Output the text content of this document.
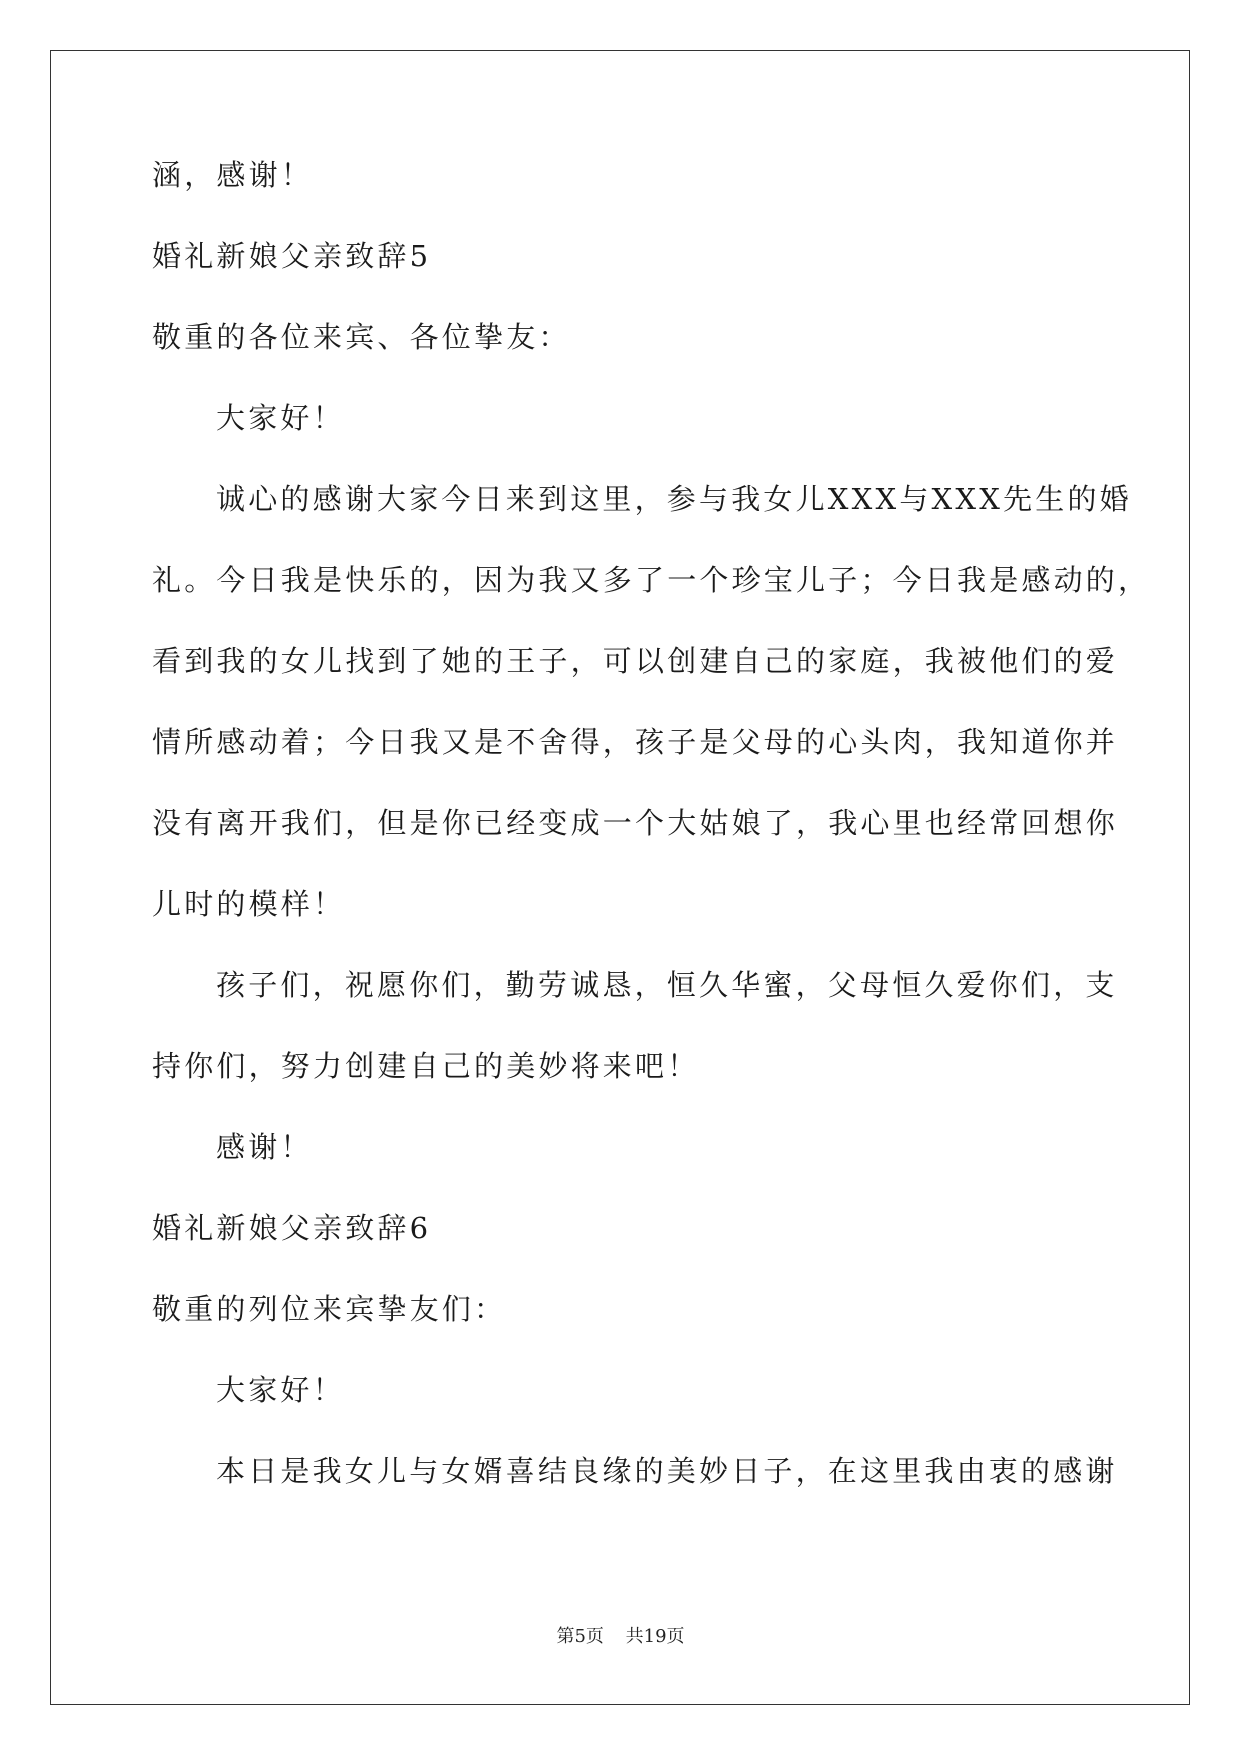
涵，感谢！
婚礼新娘父亲致辞5
敬重的各位来宾、各位挚友：
大家好！
诚心的感谢大家今日来到这里，参与我女儿XXX与XXX先生的婚
礼。今日我是快乐的，因为我又多了一个珍宝儿子；今日我是感动的，
看到我的女儿找到了她的王子，可以创建自己的家庭，我被他们的爱
情所感动着；今日我又是不舍得，孩子是父母的心头肉，我知道你并
没有离开我们，但是你已经变成一个大姑娘了，我心里也经常回想你
儿时的模样！
孩子们，祝愿你们，勤劳诚恳，恒久华蜜，父母恒久爱你们，支
持你们，努力创建自己的美妙将来吧！
感谢！
婚礼新娘父亲致辞6
敬重的列位来宾挚友们：
大家好！
本日是我女儿与女婿喜结良缘的美妙日子，在这里我由衷的感谢
第5页 共19页
